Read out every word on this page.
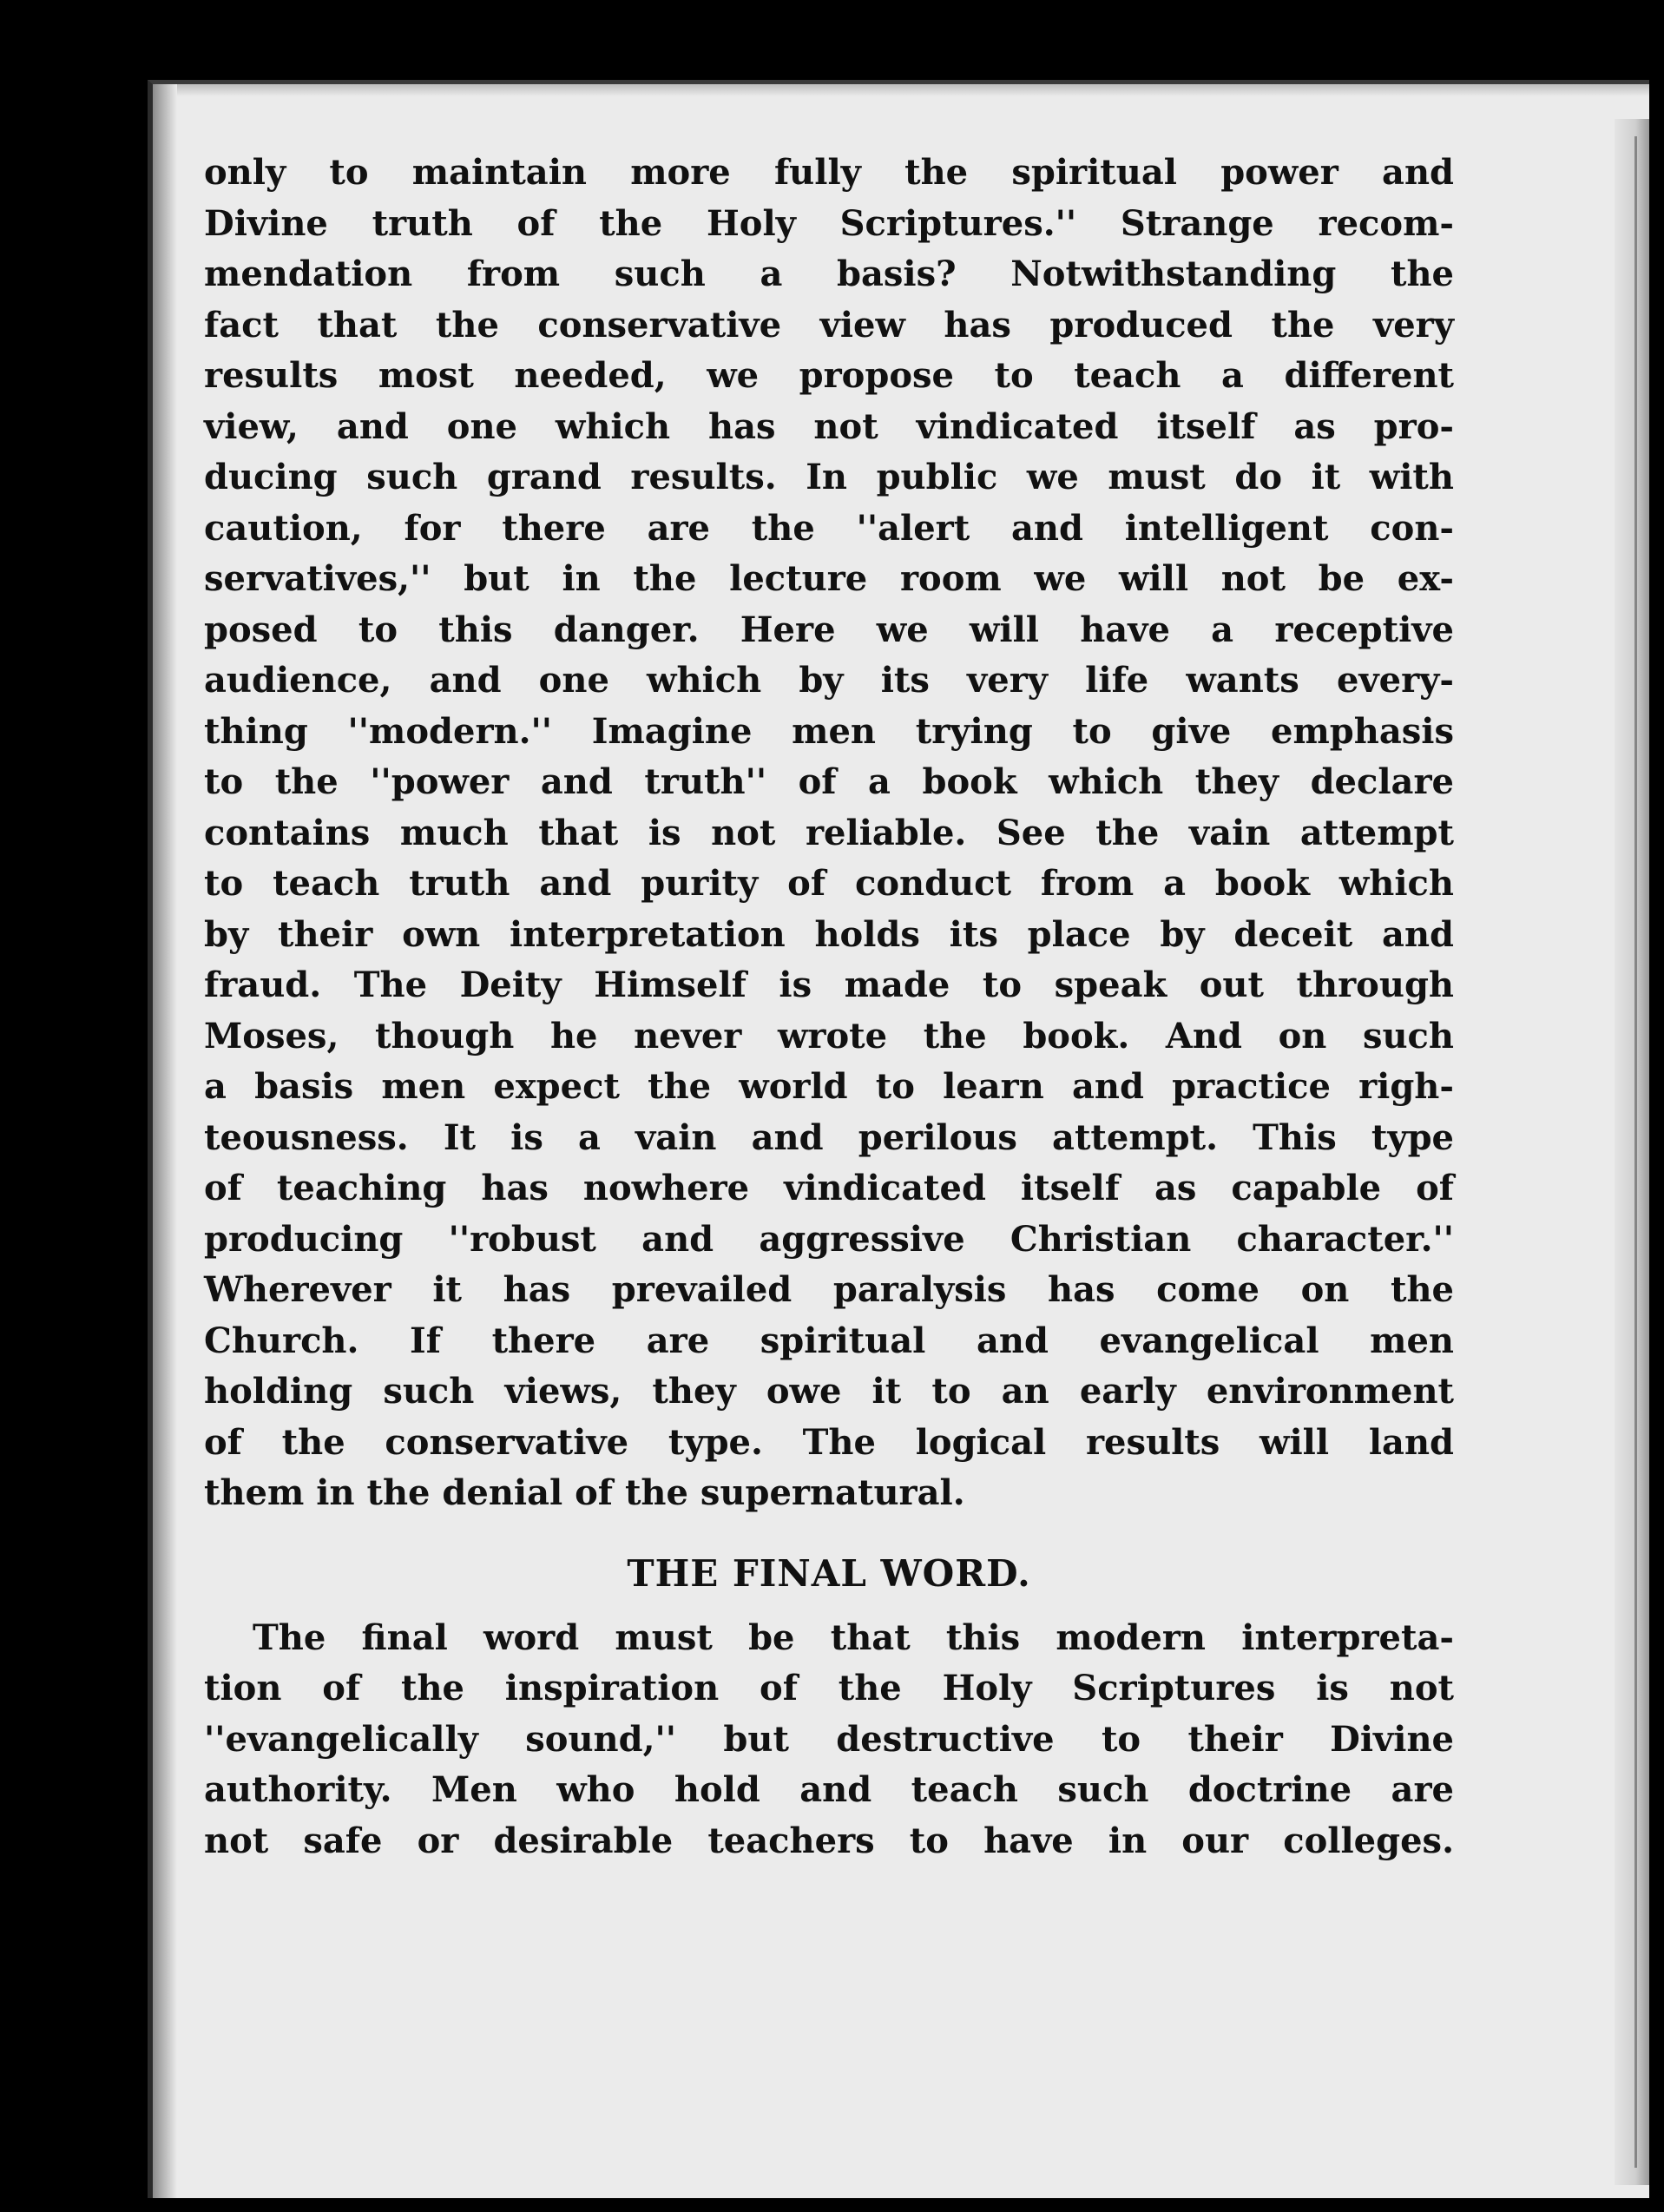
only to maintain more fully the spiritual power and
Divine truth of the Holy Scriptures.'' Strange recom-
mendation from such a basis? Notwithstanding the
fact that the conservative view has produced the very
results most needed, we propose to teach a different
view, and one which has not vindicated itself as pro-
ducing such grand results. In public we must do it with
caution, for there are the ''alert and intelligent con-
servatives,'' but in the lecture room we will not be ex-
posed to this danger. Here we will have a receptive
audience, and one which by its very life wants every-
thing ''modern.'' Imagine men trying to give emphasis
to the ''power and truth'' of a book which they declare
contains much that is not reliable. See the vain attempt
to teach truth and purity of conduct from a book which
by their own interpretation holds its place by deceit and
fraud. The Deity Himself is made to speak out through
Moses, though he never wrote the book. And on such
a basis men expect the world to learn and practice righ-
teousness. It is a vain and perilous attempt. This type
of teaching has nowhere vindicated itself as capable of
producing ''robust and aggressive Christian character.''
Wherever it has prevailed paralysis has come on the
Church. If there are spiritual and evangelical men
holding such views, they owe it to an early environment
of the conservative type. The logical results will land
them in the denial of the supernatural.
THE FINAL WORD.
The final word must be that this modern interpreta-
tion of the inspiration of the Holy Scriptures is not
''evangelically sound,'' but destructive to their Divine
authority. Men who hold and teach such doctrine are
not safe or desirable teachers to have in our colleges.
